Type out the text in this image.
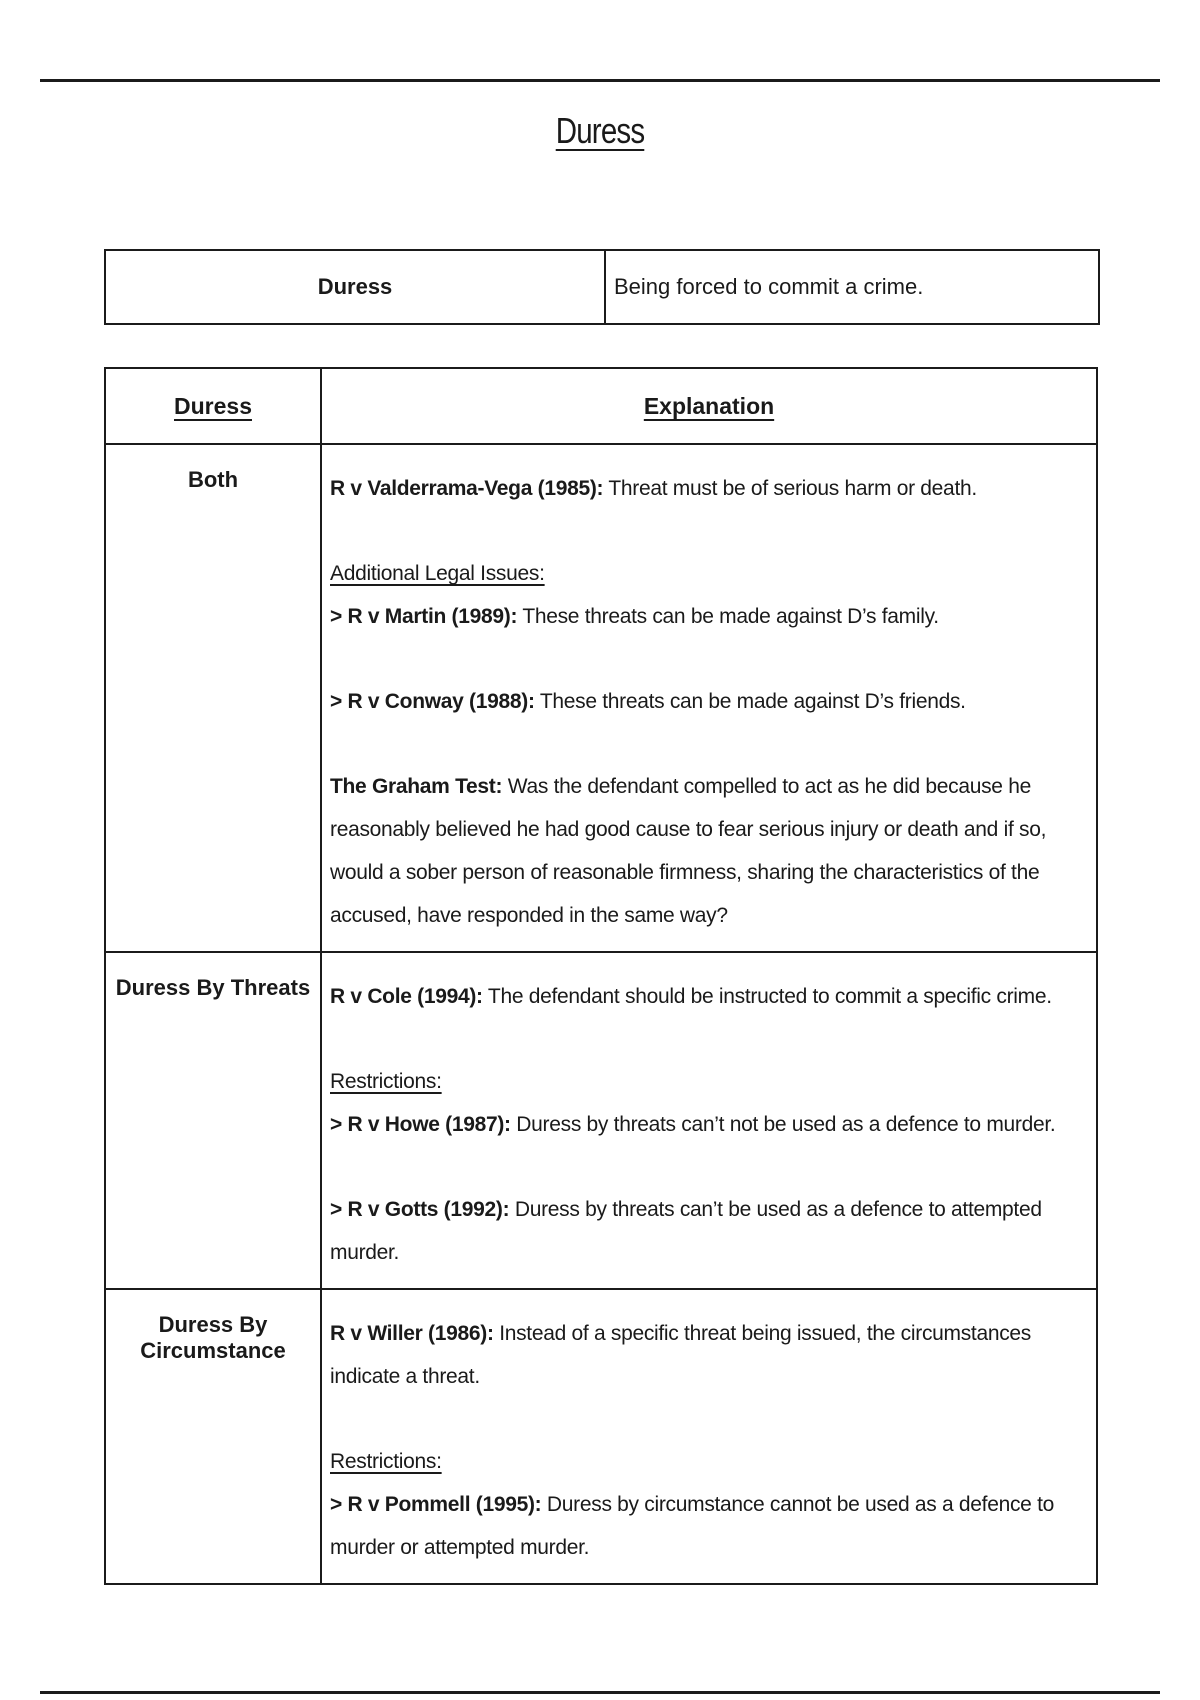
Duress
Duress	Being forced to commit a crime.
Duress	Explanation
Both	R v Valderrama-Vega (1985): Threat must be of serious harm or death.

Additional Legal Issues:

> R v Martin (1989): These threats can be made against D’s family.

> R v Conway (1988): These threats can be made against D’s friends.

The Graham Test: Was the defendant compelled to act as he did because he reasonably believed he had good cause to fear serious injury or death and if so, would a sober person of reasonable firmness, sharing the characteristics of the accused, have responded in the same way?

Duress By Threats	R v Cole (1994): The defendant should be instructed to commit a specific crime.

Restrictions:

> R v Howe (1987): Duress by threats can’t not be used as a defence to murder.

> R v Gotts (1992): Duress by threats can’t be used as a defence to attempted murder.

Duress By Circumstance	R v Willer (1986): Instead of a specific threat being issued, the circumstances indicate a threat.

Restrictions:

> R v Pommell (1995): Duress by circumstance cannot be used as a defence to murder or attempted murder.
